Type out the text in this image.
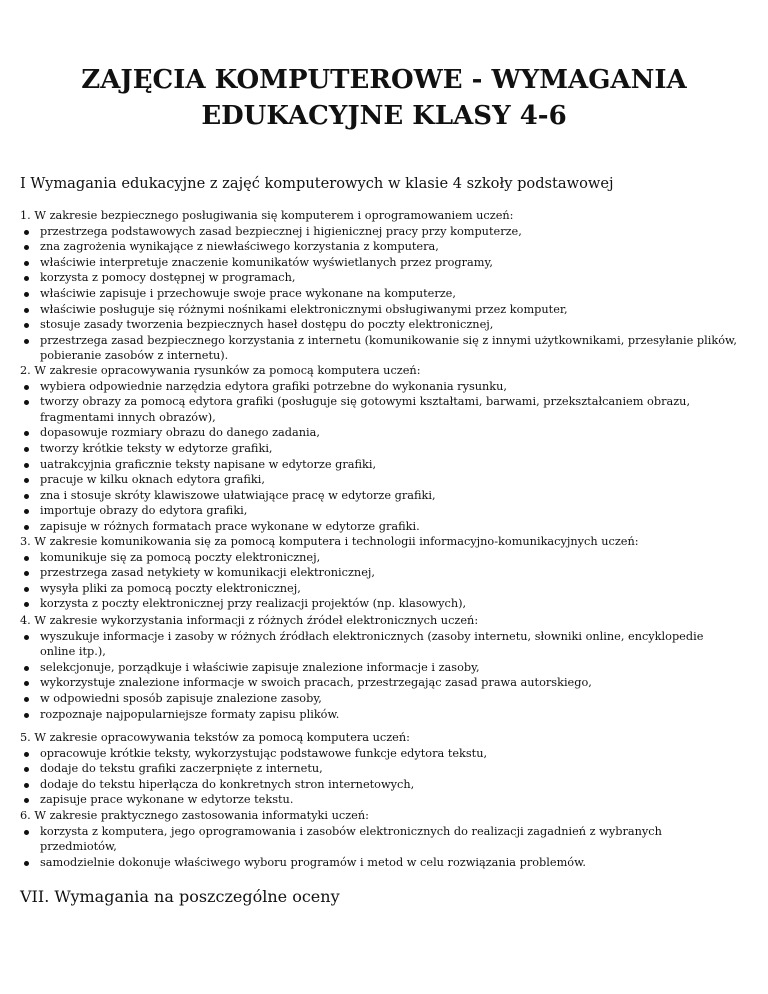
ZAJĘCIA KOMPUTEROWE - WYMAGANIA
EDUKACYJNE KLASY 4-6
I Wymagania edukacyjne z zajęć komputerowych w klasie 4 szkoły podstawowej
1. W zakresie bezpiecznego posługiwania się komputerem i oprogramowaniem uczeń:
przestrzega podstawowych zasad bezpiecznej i higienicznej pracy przy komputerze,
zna zagrożenia wynikające z niewłaściwego korzystania z komputera,
właściwie interpretuje znaczenie komunikatów wyświetlanych przez programy,
korzysta z pomocy dostępnej w programach,
właściwie zapisuje i przechowuje swoje prace wykonane na komputerze,
właściwie posługuje się różnymi nośnikami elektronicznymi obsługiwanymi przez komputer,
stosuje zasady tworzenia bezpiecznych haseł dostępu do poczty elektronicznej,
przestrzega zasad bezpiecznego korzystania z internetu (komunikowanie się z innymi użytkownikami, przesyłanie plików, pobieranie zasobów z internetu).
2. W zakresie opracowywania rysunków za pomocą komputera uczeń:
wybiera odpowiednie narzędzia edytora grafiki potrzebne do wykonania rysunku,
tworzy obrazy za pomocą edytora grafiki (posługuje się gotowymi kształtami, barwami, przekształcaniem obrazu, fragmentami innych obrazów),
dopasowuje rozmiary obrazu do danego zadania,
tworzy krótkie teksty w edytorze grafiki,
uatrakcyjnia graficznie teksty napisane w edytorze grafiki,
pracuje w kilku oknach edytora grafiki,
zna i stosuje skróty klawiszowe ułatwiające pracę w edytorze grafiki,
importuje obrazy do edytora grafiki,
zapisuje w różnych formatach prace wykonane w edytorze grafiki.
3. W zakresie komunikowania się za pomocą komputera i technologii informacyjno-komunikacyjnych uczeń:
komunikuje się za pomocą poczty elektronicznej,
przestrzega zasad netykiety w komunikacji elektronicznej,
wysyła pliki za pomocą poczty elektronicznej,
korzysta z poczty elektronicznej przy realizacji projektów (np. klasowych),
4. W zakresie wykorzystania informacji z różnych źródeł elektronicznych uczeń:
wyszukuje informacje i zasoby w różnych źródłach elektronicznych (zasoby internetu, słowniki online, encyklopedie online itp.),
selekcjonuje, porządkuje i właściwie zapisuje znalezione informacje i zasoby,
wykorzystuje znalezione informacje w swoich pracach, przestrzegając zasad prawa autorskiego,
w odpowiedni sposób zapisuje znalezione zasoby,
rozpoznaje najpopularniejsze formaty zapisu plików.
5. W zakresie opracowywania tekstów za pomocą komputera uczeń:
opracowuje krótkie teksty, wykorzystując podstawowe funkcje edytora tekstu,
dodaje do tekstu grafiki zaczerpnięte z internetu,
dodaje do tekstu hiperłącza do konkretnych stron internetowych,
zapisuje prace wykonane w edytorze tekstu.
6. W zakresie praktycznego zastosowania informatyki uczeń:
korzysta z komputera, jego oprogramowania i zasobów elektronicznych do realizacji zagadnień z wybranych przedmiotów,
samodzielnie dokonuje właściwego wyboru programów i metod w celu rozwiązania problemów.
VII. Wymagania na poszczególne oceny
